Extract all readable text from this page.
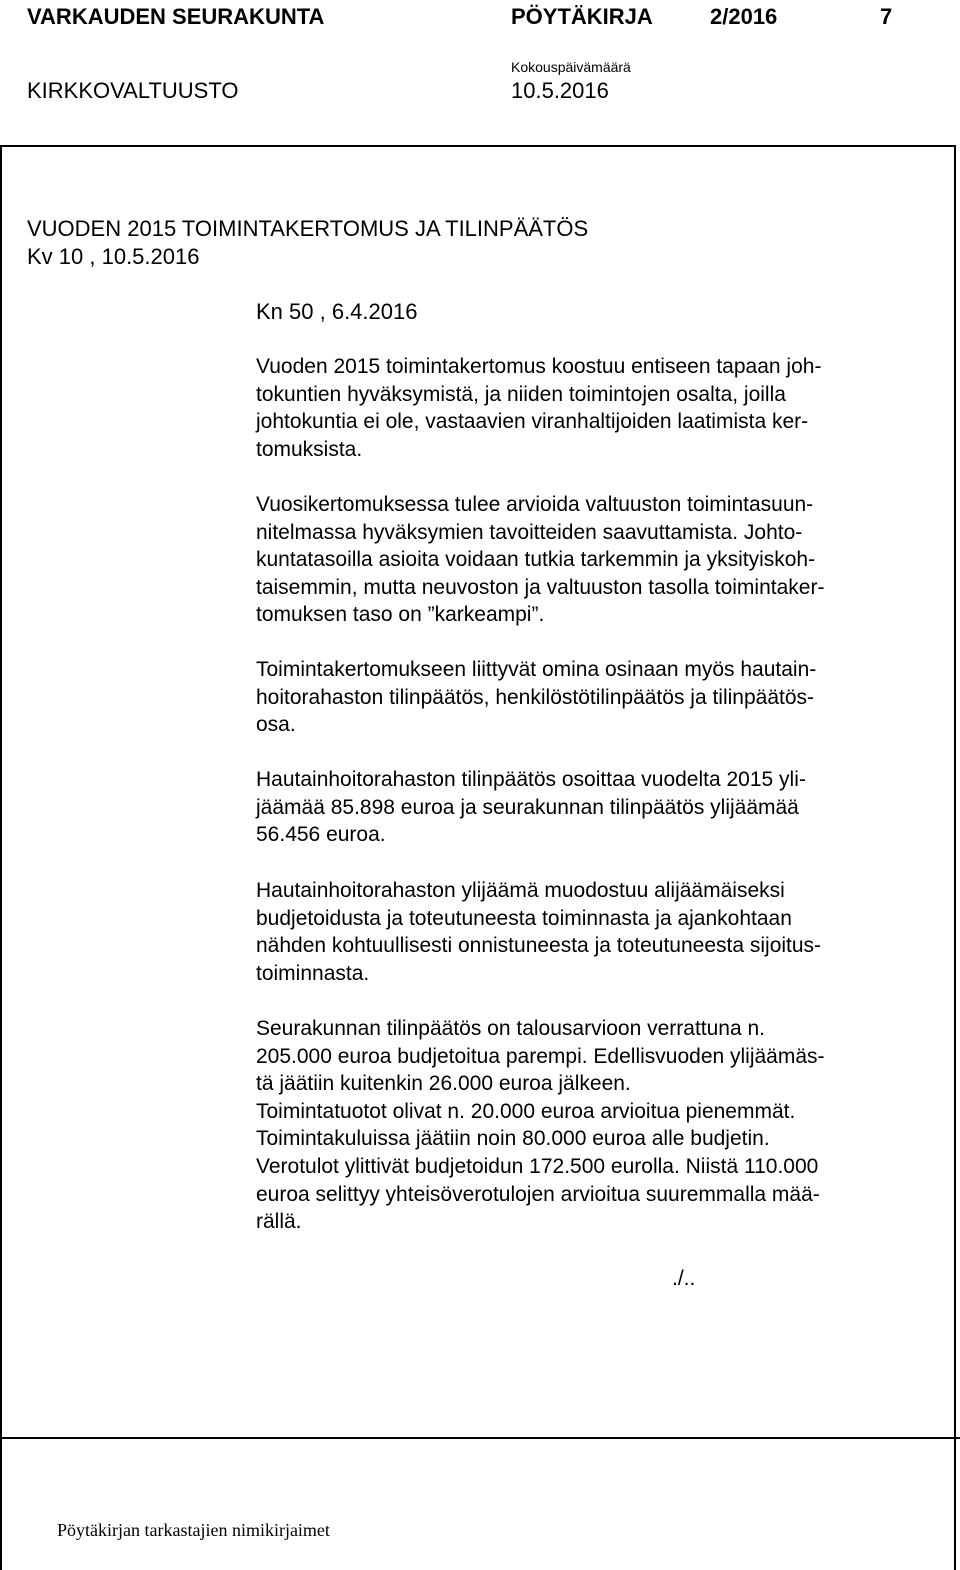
VARKAUDEN SEURAKUNTA	PÖYTÄKIRJA	2/2016	7
KIRKKOVALTUUSTO
Kokouspäivämäärä
10.5.2016
VUODEN 2015 TOIMINTAKERTOMUS JA TILINPÄÄTÖS
Kv 10 , 10.5.2016
Kn 50 , 6.4.2016
Vuoden 2015 toimintakertomus koostuu entiseen tapaan joh-
tokuntien hyväksymistä, ja niiden toimintojen osalta, joilla
johtokuntia ei ole, vastaavien viranhaltijoiden laatimista ker-
tomuksista.
Vuosikertomuksessa tulee arvioida valtuuston toimintasuun-
nitelmassa hyväksymien tavoitteiden saavuttamista. Johto-
kuntatasoilla asioita voidaan tutkia tarkemmin ja yksityiskoh-
taisemmin, mutta neuvoston ja valtuuston tasolla toimintaker-
tomuksen taso on ”karkeampi”.
Toimintakertomukseen liittyvät omina osinaan myös hautain-
hoitorahaston tilinpäätös, henkilöstötilinpäätös ja tilinpäätös-
osa.
Hautainhoitorahaston tilinpäätös osoittaa vuodelta 2015 yli-
jäämää 85.898 euroa ja seurakunnan tilinpäätös ylijäämää
56.456 euroa.
Hautainhoitorahaston ylijäämä muodostuu alijäämäiseksi
budjetoidusta ja toteutuneesta toiminnasta ja ajankohtaan
nähden kohtuullisesti onnistuneesta ja toteutuneesta sijoitus-
toiminnasta.
Seurakunnan tilinpäätös on talousarvioon verrattuna n.
205.000 euroa budjetoitua parempi. Edellisvuoden ylijäämäs-
tä jäätiin kuitenkin 26.000 euroa jälkeen.
Toimintatuotot olivat n. 20.000 euroa arvioitua pienemmät.
Toimintakuluissa jäätiin noin 80.000 euroa alle budjetin.
Verotulot ylittivät budjetoidun 172.500 eurolla. Niistä 110.000
euroa selittyy yhteisöverotulojen arvioitua suuremmalla mää-
rällä.
./..
Pöytäkirjan tarkastajien nimikirjaimet
